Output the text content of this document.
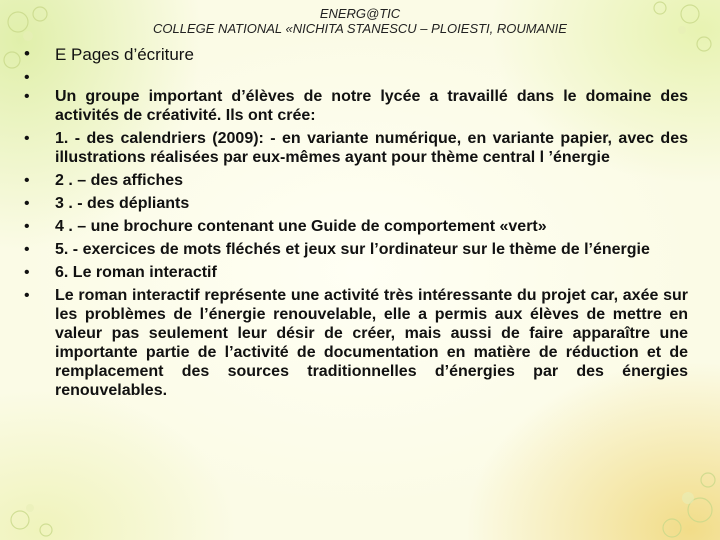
ENERG@TIC
COLLEGE NATIONAL «NICHITA STANESCU – PLOIESTI, ROUMANIE
•	E Pages d’écriture
•

•	Un groupe important d’élèves de notre lycée a travaillé dans le domaine des activités de créativité. Ils ont crée:
•	1. - des calendriers (2009): - en variante numérique, en variante papier, avec des illustrations réalisées par eux-mêmes ayant pour thème central l ’énergie
•	2 . – des affiches
•	3 . - des dépliants
•	4 . – une brochure contenant une Guide de comportement «vert»
•	5. - exercices de mots fléchés et jeux sur l’ordinateur sur le thème de l’énergie
•	6. Le roman interactif
•	Le roman interactif représente une activité très intéressante du projet car, axée sur les problèmes de l’énergie renouvelable, elle a permis aux élèves de mettre en valeur pas seulement leur désir de créer, mais aussi de faire apparaître une importante partie de l’activité de documentation en matière de réduction et de remplacement des sources traditionnelles d’énergies par des énergies renouvelables.
